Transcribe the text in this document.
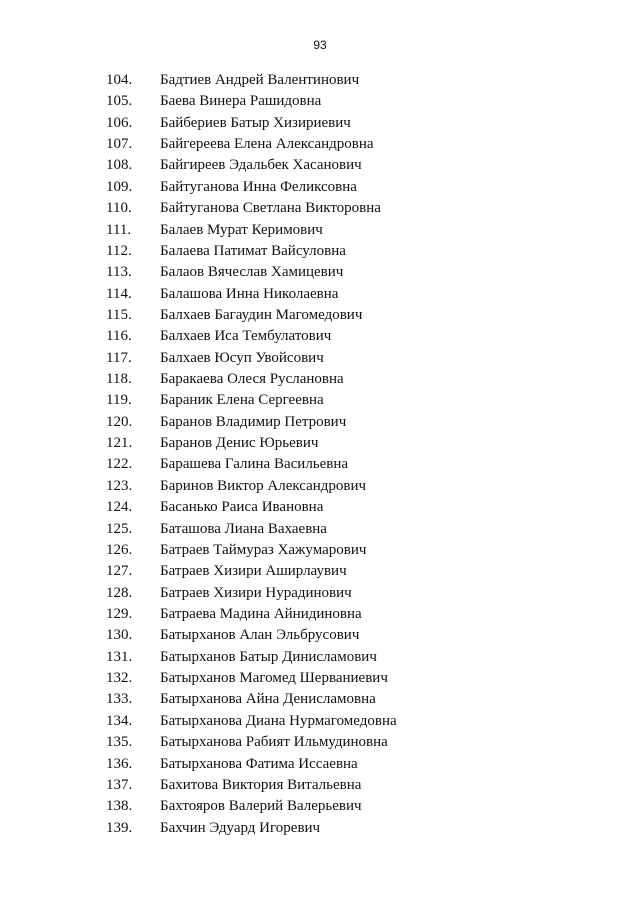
93
104.	Бадтиев Андрей Валентинович
105.	Баева Винера Рашидовна
106.	Байбериев Батыр Хизириевич
107.	Байгереева Елена Александровна
108.	Байгиреев Эдальбек Хасанович
109.	Байтуганова Инна Феликсовна
110.	Байтуганова Светлана Викторовна
111.	Балаев Мурат Керимович
112.	Балаева Патимат Вайсуловна
113.	Балаов Вячеслав Хамицевич
114.	Балашова Инна Николаевна
115.	Балхаев Багаудин Магомедович
116.	Балхаев Иса Тембулатович
117.	Балхаев Юсуп Увойсович
118.	Баракаева Олеся Руслановна
119.	Бараник Елена Сергеевна
120.	Баранов Владимир Петрович
121.	Баранов Денис Юрьевич
122.	Барашева Галина Васильевна
123.	Баринов Виктор Александрович
124.	Басанько Раиса Ивановна
125.	Баташова Лиана Вахаевна
126.	Батраев Таймураз Хажумарович
127.	Батраев Хизири Аширлаувич
128.	Батраев Хизири Нурадинович
129.	Батраева Мадина Айнидиновна
130.	Батырханов Алан Эльбрусович
131.	Батырханов Батыр Динисламович
132.	Батырханов Магомед Шерваниевич
133.	Батырханова Айна Денисламовна
134.	Батырханова Диана Нурмагомедовна
135.	Батырханова Рабият Ильмудиновна
136.	Батырханова Фатима Иссаевна
137.	Бахитова Виктория Витальевна
138.	Бахтояров Валерий Валерьевич
139.	Бахчин Эдуард Игоревич
